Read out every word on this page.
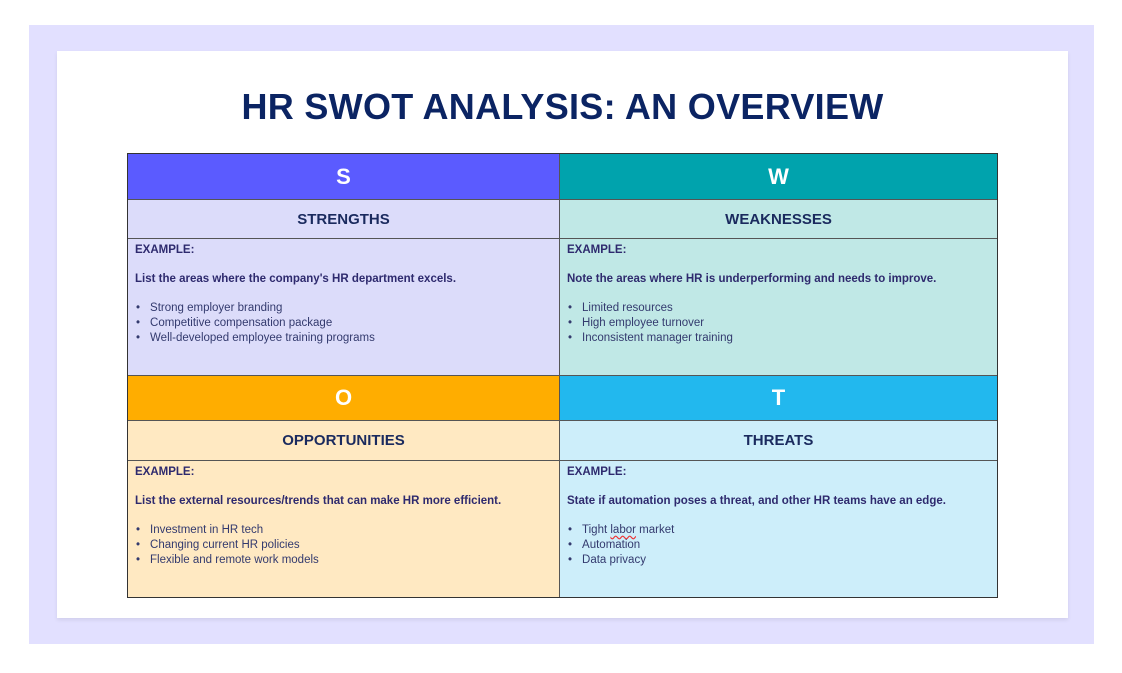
HR SWOT ANALYSIS: AN OVERVIEW
S	W
STRENGTHS	WEAKNESSES
EXAMPLE:
List the areas where the company's HR department excels.
• Strong employer branding
• Competitive compensation package
• Well-developed employee training programs
EXAMPLE:
Note the areas where HR is underperforming and needs to improve.
• Limited resources
• High employee turnover
• Inconsistent manager training
O	T
OPPORTUNITIES	THREATS
EXAMPLE:
List the external resources/trends that can make HR more efficient.
• Investment in HR tech
• Changing current HR policies
• Flexible and remote work models
EXAMPLE:
State if automation poses a threat, and other HR teams have an edge.
• Tight labor market
• Automation
• Data privacy
